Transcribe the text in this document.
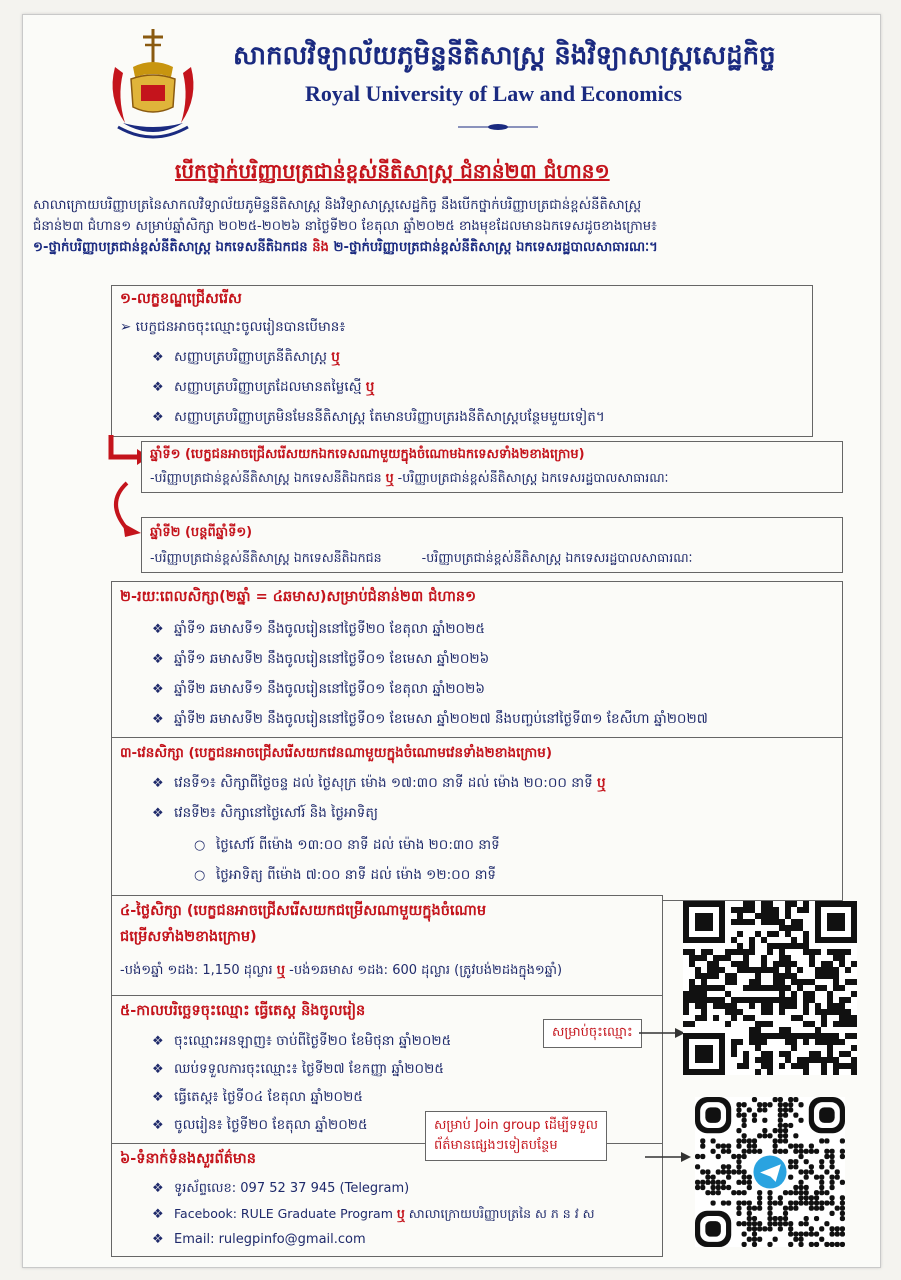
សាកលវិទ្យាល័យភូមិន្ទនីតិសាស្ត្រ និងវិទ្យាសាស្ត្រសេដ្ឋកិច្ច
Royal University of Law and Economics
បើកថ្នាក់បរិញ្ញាបត្រជាន់ខ្ពស់នីតិសាស្ត្រ ជំនាន់២៣ ជំហាន១
សាលាក្រោយបរិញ្ញាបត្រនៃសាកលវិទ្យាល័យភូមិន្ទនីតិសាស្ត្រ និងវិទ្យាសាស្ត្រសេដ្ឋកិច្ច នឹងបើកថ្នាក់បរិញ្ញាបត្រជាន់ខ្ពស់នីតិសាស្ត្រ
ជំនាន់២៣ ជំហាន១ សម្រាប់ឆ្នាំសិក្សា ២០២៥-២០២៦ នាថ្ងៃទី២០ ខែតុលា ឆ្នាំ២០២៥ ខាងមុខដែលមានឯកទេសដូចខាងក្រោម៖
១-ថ្នាក់បរិញ្ញាបត្រជាន់ខ្ពស់នីតិសាស្ត្រ ឯកទេសនីតិឯកជន និង ២-ថ្នាក់បរិញ្ញាបត្រជាន់ខ្ពស់នីតិសាស្ត្រ ឯកទេសរដ្ឋបាលសាធារណៈ។
១-លក្ខខណ្ឌជ្រើសរើស
➢ បេក្ខជនអាចចុះឈ្មោះចូលរៀនបានបើមាន៖
❖ សញ្ញាបត្របរិញ្ញាបត្រនីតិសាស្ត្រ ឬ
❖ សញ្ញាបត្របរិញ្ញាបត្រដែលមានតម្លៃស្មើ ឬ
❖ សញ្ញាបត្របរិញ្ញាបត្រមិនមែននីតិសាស្ត្រ តែមានបរិញ្ញាបត្ររងនីតិសាស្ត្របន្ថែមមួយទៀត។
ឆ្នាំទី១ (បេក្ខជនអាចជ្រើសរើសយកឯកទេសណាមួយក្នុងចំណោមឯកទេសទាំង២ខាងក្រោម)
-បរិញ្ញាបត្រជាន់ខ្ពស់នីតិសាស្ត្រ ឯកទេសនីតិឯកជន ឬ -បរិញ្ញាបត្រជាន់ខ្ពស់នីតិសាស្ត្រ ឯកទេសរដ្ឋបាលសាធារណៈ
ឆ្នាំទី២ (បន្តពីឆ្នាំទី១)
-បរិញ្ញាបត្រជាន់ខ្ពស់នីតិសាស្ត្រ ឯកទេសនីតិឯកជន	-បរិញ្ញាបត្រជាន់ខ្ពស់នីតិសាស្ត្រ ឯកទេសរដ្ឋបាលសាធារណៈ
២-រយៈពេលសិក្សា(២ឆ្នាំ = ៤ឆមាស)សម្រាប់ជំនាន់២៣ ជំហាន១
❖ ឆ្នាំទី១ ឆមាសទី១ នឹងចូលរៀននៅថ្ងៃទី២០ ខែតុលា ឆ្នាំ២០២៥
❖ ឆ្នាំទី១ ឆមាសទី២ នឹងចូលរៀននៅថ្ងៃទី០១ ខែមេសា ឆ្នាំ២០២៦
❖ ឆ្នាំទី២ ឆមាសទី១ នឹងចូលរៀននៅថ្ងៃទី០១ ខែតុលា ឆ្នាំ២០២៦
❖ ឆ្នាំទី២ ឆមាសទី២ នឹងចូលរៀននៅថ្ងៃទី០១ ខែមេសា ឆ្នាំ២០២៧ នឹងបញ្ចប់នៅថ្ងៃទី៣១ ខែសីហា ឆ្នាំ២០២៧
៣-វេនសិក្សា (បេក្ខជនអាចជ្រើសរើសយកវេនណាមួយក្នុងចំណោមវេនទាំង២ខាងក្រោម)
❖ វេនទី១៖ សិក្សាពីថ្ងៃចន្ទ ដល់ ថ្ងៃសុក្រ ម៉ោង ១៧:៣០ នាទី ដល់ ម៉ោង ២០:០០ នាទី ឬ
❖ វេនទី២៖ សិក្សានៅថ្ងៃសៅរ៍ និង ថ្ងៃអាទិត្យ
○ ថ្ងៃសៅរ៍ ពីម៉ោង ១៣:០០ នាទី ដល់ ម៉ោង ២០:៣០ នាទី
○ ថ្ងៃអាទិត្យ ពីម៉ោង ៧:០០ នាទី ដល់ ម៉ោង ១២:០០ នាទី
៤-ថ្លៃសិក្សា (បេក្ខជនអាចជ្រើសរើសយកជម្រើសណាមួយក្នុងចំណោម
ជម្រើសទាំង២ខាងក្រោម)
-បង់១ឆ្នាំ ១ដង: 1,150 ដុល្លារ ឬ -បង់១ឆមាស ១ដង: 600 ដុល្លារ (ត្រូវបង់២ដងក្នុង១ឆ្នាំ)
៥-កាលបរិច្ឆេទចុះឈ្មោះ ធ្វើតេស្ត និងចូលរៀន
❖ ចុះឈ្មោះអនឡាញ៖ ចាប់ពីថ្ងៃទី២០ ខែមិថុនា ឆ្នាំ២០២៥
❖ ឈប់ទទួលការចុះឈ្មោះ៖ ថ្ងៃទី២៧ ខែកញ្ញា ឆ្នាំ២០២៥
❖ ធ្វើតេស្ត៖ ថ្ងៃទី០៤ ខែតុលា ឆ្នាំ២០២៥
❖ ចូលរៀន៖ ថ្ងៃទី២០ ខែតុលា ឆ្នាំ២០២៥
៦-ទំនាក់ទំនងសួរព័ត៌មាន
❖ ទូរស័ព្ទលេខ: 097 52 37 945 (Telegram)
❖ Facebook: RULE Graduate Program ឬ សាលាក្រោយបរិញ្ញាបត្រនៃ ស ភ ន វ ស
❖ Email: rulegpinfo@gmail.com
សម្រាប់ចុះឈ្មោះ
សម្រាប់ Join group ដើម្បីទទួល
ព័ត៌មានផ្សេងៗទៀតបន្ថែម
